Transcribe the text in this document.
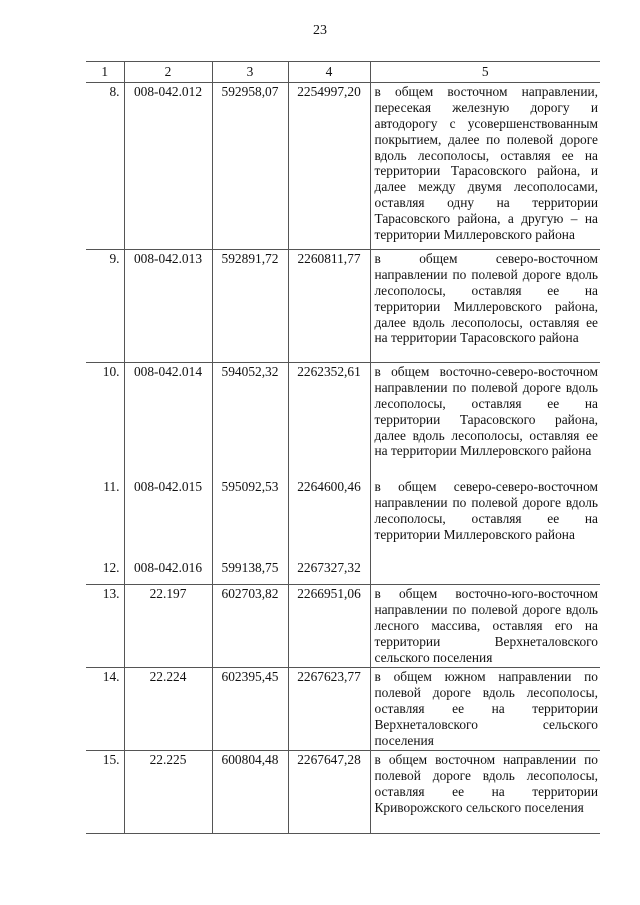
23
1	2	3	4	5
8.	008-042.012	592958,07	2254997,20	в общем восточном направлении, пересекая железную дорогу и автодорогу с усовершенствованным покрытием, далее по полевой дороге вдоль лесополосы, оставляя ее на территории Тарасовского района, и далее между двумя лесополосами, оставляя одну на территории Тарасовского района, а другую – на территории Миллеровского района
9.	008-042.013	592891,72	2260811,77	в общем северо-восточном направлении по полевой дороге вдоль лесополосы, оставляя ее на территории Миллеровского района, далее вдоль лесополосы, оставляя ее на территории Тарасовского района
10.	008-042.014	594052,32	2262352,61	в общем восточно-северо-восточном направлении по полевой дороге вдоль лесополосы, оставляя ее на территории Тарасовского района, далее вдоль лесополосы, оставляя ее на территории Миллеровского района
11.	008-042.015	595092,53	2264600,46	в общем северо-северо-восточном направлении по полевой дороге вдоль лесополосы, оставляя ее на территории Миллеровского района
12.	008-042.016	599138,75	2267327,32	
13.	22.197	602703,82	2266951,06	в общем восточно-юго-восточном направлении по полевой дороге вдоль лесного массива, оставляя его на территории Верхнеталовского сельского поселения
14.	22.224	602395,45	2267623,77	в общем южном направлении по полевой дороге вдоль лесополосы, оставляя ее на территории Верхнеталовского сельского поселения
15.	22.225	600804,48	2267647,28	в общем восточном направлении по полевой дороге вдоль лесополосы, оставляя ее на территории Криворожского сельского поселения
